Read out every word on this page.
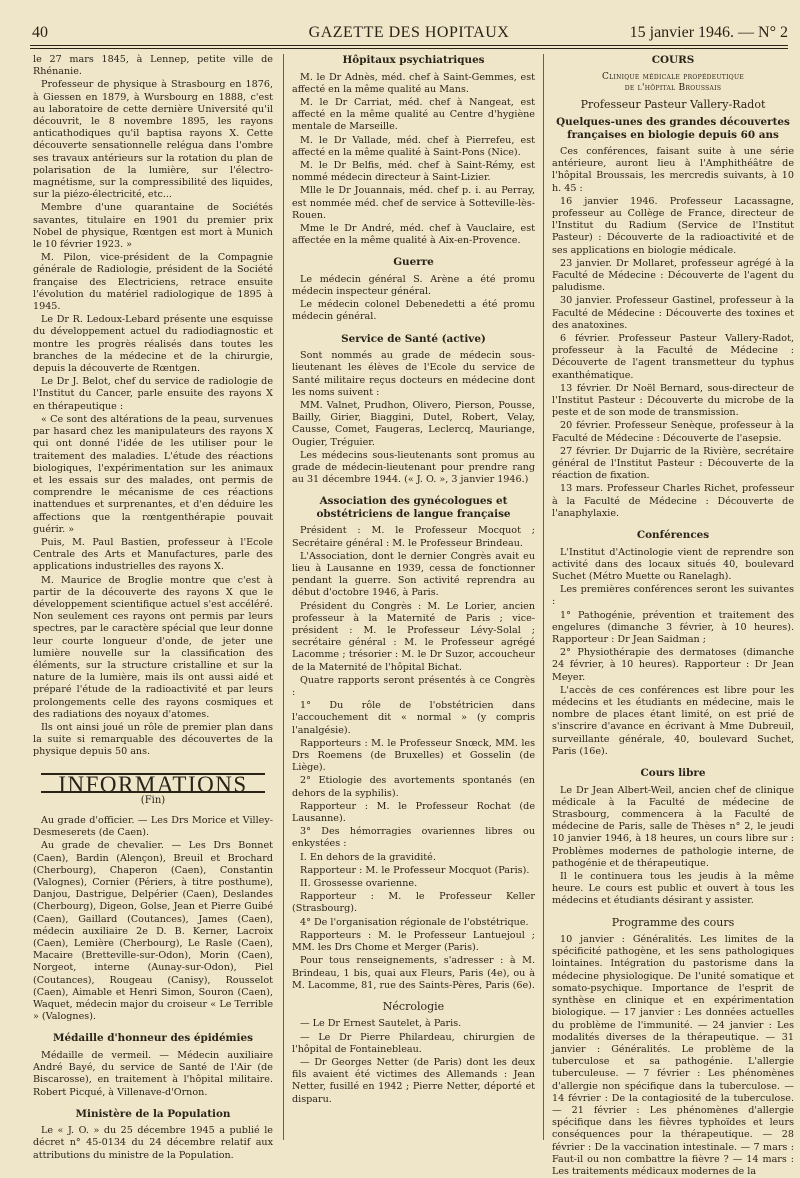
40	GAZETTE DES HOPITAUX	15 janvier 1946. — N° 2

le 27 mars 1845, à Lennep, petite ville de Rhénanie.

Professeur de physique à Strasbourg en 1876, à Giessen en 1879, à Wursbourg en 1888, c'est au laboratoire de cette dernière Université qu'il découvrit, le 8 novembre 1895, les rayons anticathodiques qu'il baptisa rayons X. Cette découverte sensationnelle relégua dans l'ombre ses travaux antérieurs sur la rotation du plan de polarisation de la lumière, sur l'électro-magnétisme, sur la compressibilité des liquides, sur la piézo-électricité, etc...

Membre d'une quarantaine de Sociétés savantes, titulaire en 1901 du premier prix Nobel de physique, Rœntgen est mort à Munich le 10 février 1923. »

M. Pilon, vice-président de la Compagnie générale de Radiologie, président de la Société française des Electriciens, retrace ensuite l'évolution du matériel radiologique de 1895 à 1945.

Le Dr R. Ledoux-Lebard présente une esquisse du développement actuel du radiodiagnostic et montre les progrès réalisés dans toutes les branches de la médecine et de la chirurgie, depuis la découverte de Rœntgen.

Le Dr J. Belot, chef du service de radiologie de l'Institut du Cancer, parle ensuite des rayons X en thérapeutique :

« Ce sont des altérations de la peau, survenues par hasard chez les manipulateurs des rayons X qui ont donné l'idée de les utiliser pour le traitement des maladies. L'étude des réactions biologiques, l'expérimentation sur les animaux et les essais sur des malades, ont permis de comprendre le mécanisme de ces réactions inattendues et surprenantes, et d'en déduire les affections que la rœntgenthérapie pouvait guérir. »

Puis, M. Paul Bastien, professeur à l'Ecole Centrale des Arts et Manufactures, parle des applications industrielles des rayons X.

M. Maurice de Broglie montre que c'est à partir de la découverte des rayons X que le développement scientifique actuel s'est accéléré. Non seulement ces rayons ont permis par leurs spectres, par le caractère spécial que leur donne leur courte longueur d'onde, de jeter une lumière nouvelle sur la classification des éléments, sur la structure cristalline et sur la nature de la lumière, mais ils ont aussi aidé et préparé l'étude de la radioactivité et par leurs prolongements celle des rayons cosmiques et des radiations des noyaux d'atomes.

Ils ont ainsi joué un rôle de premier plan dans la suite si remarquable des découvertes de la physique depuis 50 ans.

INFORMATIONS
(Fin)

Au grade d'officier. — Les Drs Morice et Villey-Desmeserets (de Caen).

Au grade de chevalier. — Les Drs Bonnet (Caen), Bardin (Alençon), Breuil et Brochard (Cherbourg), Chaperon (Caen), Constantin (Valognes), Cornier (Périers, à titre posthume), Danjou, Dastrigue, Delpérier (Caen), Deslandes (Cherbourg), Digeon, Golse, Jean et Pierre Guibé (Caen), Gaillard (Coutances), James (Caen), médecin auxiliaire 2e D. B. Kerner, Lacroix (Caen), Lemière (Cherbourg), Le Rasle (Caen), Macaire (Bretteville-sur-Odon), Morin (Caen), Norgeot, interne (Aunay-sur-Odon), Piel (Coutances), Rougeau (Canisy), Rousselot (Caen), Aimable et Henri Simon, Souron (Caen), Waquet, médecin major du croiseur « Le Terrible » (Valognes).

Médaille d'honneur des épidémies

Médaille de vermeil. — Médecin auxiliaire André Bayé, du service de Santé de l'Air (de Biscarosse), en traitement à l'hôpital militaire. Robert Picqué, à Villenave-d'Ornon.

Ministère de la Population

Le « J. O. » du 25 décembre 1945 a publié le décret n° 45-0134 du 24 décembre relatif aux attributions du ministre de la Population.

Hôpitaux psychiatriques

M. le Dr Adnès, méd. chef à Saint-Gemmes, est affecté en la même qualité au Mans.

M. le Dr Carriat, méd. chef à Nangeat, est affecté en la même qualité au Centre d'hygiène mentale de Marseille.

M. le Dr Vallade, méd. chef à Pierrefeu, est affecté en la même qualité à Saint-Pons (Nice).

M. le Dr Belfis, méd. chef à Saint-Rémy, est nommé médecin directeur à Saint-Lizier.

Mlle le Dr Jouannais, méd. chef p. i. au Perray, est nommée méd. chef de service à Sotteville-lès-Rouen.

Mme le Dr André, méd. chef à Vauclaire, est affectée en la même qualité à Aix-en-Provence.

Guerre

Le médecin général S. Arène a été promu médecin inspecteur général.

Le médecin colonel Debenedetti a été promu médecin général.

Service de Santé (active)

Sont nommés au grade de médecin sous-lieutenant les élèves de l'Ecole du service de Santé militaire reçus docteurs en médecine dont les noms suivent :

MM. Valnet, Prudhon, Olivero, Pierson, Pousse, Bailly, Girier, Biaggini, Dutel, Robert, Velay, Causse, Comet, Faugeras, Leclercq, Mauriange, Ougier, Tréguier.

Les médecins sous-lieutenants sont promus au grade de médecin-lieutenant pour prendre rang au 31 décembre 1944. (« J. O. », 3 janvier 1946.)

Association des gynécologues et obstétriciens de langue française

Président : M. le Professeur Mocquot ; Secrétaire général : M. le Professeur Brindeau.

L'Association, dont le dernier Congrès avait eu lieu à Lausanne en 1939, cessa de fonctionner pendant la guerre. Son activité reprendra au début d'octobre 1946, à Paris.

Président du Congrès : M. Le Lorier, ancien professeur à la Maternité de Paris ; vice-président : M. le Professeur Lévy-Solal ; secrétaire général : M. le Professeur agrégé Lacomme ; trésorier : M. le Dr Suzor, accoucheur de la Maternité de l'hôpital Bichat.

Quatre rapports seront présentés à ce Congrès :

1° Du rôle de l'obstétricien dans l'accouchement dit « normal » (y compris l'analgésie).

Rapporteurs : M. le Professeur Snœck, MM. les Drs Roemens (de Bruxelles) et Gosselin (de Liège).

2° Etiologie des avortements spontanés (en dehors de la syphilis).

Rapporteur : M. le Professeur Rochat (de Lausanne).

3° Des hémorragies ovariennes libres ou enkystées :

I. En dehors de la gravidité.

Rapporteur : M. le Professeur Mocquot (Paris).

II. Grossesse ovarienne.

Rapporteur : M. le Professeur Keller (Strasbourg).

4° De l'organisation régionale de l'obstétrique.

Rapporteurs : M. le Professeur Lantuejoul ; MM. les Drs Chome et Merger (Paris).

Pour tous renseignements, s'adresser : à M. Brindeau, 1 bis, quai aux Fleurs, Paris (4e), ou à M. Lacomme, 81, rue des Saints-Pères, Paris (6e).

Nécrologie

— Le Dr Ernest Sautelet, à Paris.

— Le Dr Pierre Philardeau, chirurgien de l'hôpital de Fontainebleau.

— Dr Georges Netter (de Paris) dont les deux fils avaient été victimes des Allemands : Jean Netter, fusillé en 1942 ; Pierre Netter, déporté et disparu.

COURS
Clinique médicale propédeutique
de l'hôpital Broussais
Professeur Pasteur Vallery-Radot
Quelques-unes des grandes découvertes françaises en biologie depuis 60 ans

Ces conférences, faisant suite à une série antérieure, auront lieu à l'Amphithéâtre de l'hôpital Broussais, les mercredis suivants, à 10 h. 45 :

16 janvier 1946. Professeur Lacassagne, professeur au Collège de France, directeur de l'Institut du Radium (Service de l'Institut Pasteur) : Découverte de la radioactivité et de ses applications en biologie médicale.

23 janvier. Dr Mollaret, professeur agrégé à la Faculté de Médecine : Découverte de l'agent du paludisme.

30 janvier. Professeur Gastinel, professeur à la Faculté de Médecine : Découverte des toxines et des anatoxines.

6 février. Professeur Pasteur Vallery-Radot, professeur à la Faculté de Médecine : Découverte de l'agent transmetteur du typhus exanthématique.

13 février. Dr Noël Bernard, sous-directeur de l'Institut Pasteur : Découverte du microbe de la peste et de son mode de transmission.

20 février. Professeur Senèque, professeur à la Faculté de Médecine : Découverte de l'asepsie.

27 février. Dr Dujarric de la Rivière, secrétaire général de l'Institut Pasteur : Découverte de la réaction de fixation.

13 mars. Professeur Charles Richet, professeur à la Faculté de Médecine : Découverte de l'anaphylaxie.

Conférences

L'Institut d'Actinologie vient de reprendre son activité dans des locaux situés 40, boulevard Suchet (Métro Muette ou Ranelagh).

Les premières conférences seront les suivantes :

1° Pathogénie, prévention et traitement des engelures (dimanche 3 février, à 10 heures). Rapporteur : Dr Jean Saidman ;

2° Physiothérapie des dermatoses (dimanche 24 février, à 10 heures). Rapporteur : Dr Jean Meyer.

L'accès de ces conférences est libre pour les médecins et les étudiants en médecine, mais le nombre de places étant limité, on est prié de s'inscrire d'avance en écrivant à Mme Dubreuil, surveillante générale, 40, boulevard Suchet, Paris (16e).

Cours libre

Le Dr Jean Albert-Weil, ancien chef de clinique médicale à la Faculté de médecine de Strasbourg, commencera à la Faculté de médecine de Paris, salle de Thèses n° 2, le jeudi 10 janvier 1946, à 18 heures, un cours libre sur : Problèmes modernes de pathologie interne, de pathogénie et de thérapeutique.

Il le continuera tous les jeudis à la même heure. Le cours est public et ouvert à tous les médecins et étudiants désirant y assister.

Programme des cours

10 janvier : Généralités. Les limites de la spécificité pathogène, et les sens pathologiques lointaines. Intégration du pastorisme dans la médecine physiologique. De l'unité somatique et somato-psychique. Importance de l'esprit de synthèse en clinique et en expérimentation biologique. — 17 janvier : Les données actuelles du problème de l'immunité. — 24 janvier : Les modalités diverses de la thérapeutique. — 31 janvier : Généralités. Le problème de la tuberculose et sa pathogénie. L'allergie tuberculeuse. — 7 février : Les phénomènes d'allergie non spécifique dans la tuberculose. — 14 février : De la contagiosité de la tuberculose. — 21 février : Les phénomènes d'allergie spécifique dans les fièvres typhoïdes et leurs conséquences pour la thérapeutique. — 28 février : De la vaccination intestinale. — 7 mars : Faut-il ou non combattre la fièvre ? — 14 mars : Les traitements médicaux modernes de la
